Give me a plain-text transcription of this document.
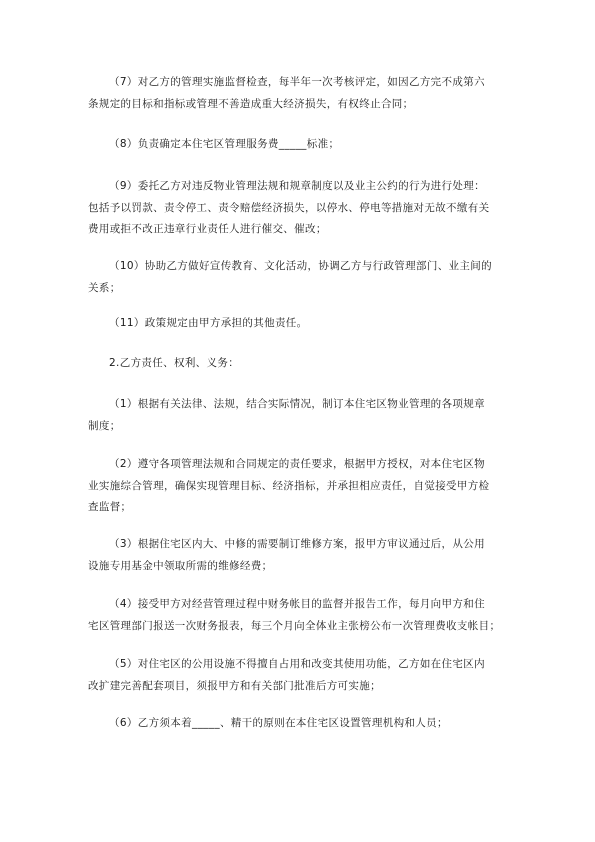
（7）对乙方的管理实施监督检查，每半年一次考核评定，如因乙方完不成第六
条规定的目标和指标或管理不善造成重大经济损失，有权终止合同；

（8）负责确定本住宅区管理服务费_____标准；

（9）委托乙方对违反物业管理法规和规章制度以及业主公约的行为进行处理：
包括予以罚款、责令停工、责令赔偿经济损失，以停水、停电等措施对无故不缴有关
费用或拒不改正违章行业责任人进行催交、催改；

（10）协助乙方做好宣传教育、文化活动，协调乙方与行政管理部门、业主间的
关系；

（11）政策规定由甲方承担的其他责任。

2.乙方责任、权利、义务：

（1）根据有关法律、法规，结合实际情况，制订本住宅区物业管理的各项规章
制度；

（2）遵守各项管理法规和合同规定的责任要求，根据甲方授权，对本住宅区物
业实施综合管理，确保实现管理目标、经济指标，并承担相应责任，自觉接受甲方检
查监督；

（3）根据住宅区内大、中修的需要制订维修方案，报甲方审议通过后，从公用
设施专用基金中领取所需的维修经费；

（4）接受甲方对经营管理过程中财务帐目的监督并报告工作，每月向甲方和住
宅区管理部门报送一次财务报表，每三个月向全体业主张榜公布一次管理费收支帐目；

（5）对住宅区的公用设施不得擅自占用和改变其使用功能，乙方如在住宅区内
改扩建完善配套项目，须报甲方和有关部门批准后方可实施；

（6）乙方须本着_____、精干的原则在本住宅区设置管理机构和人员；
